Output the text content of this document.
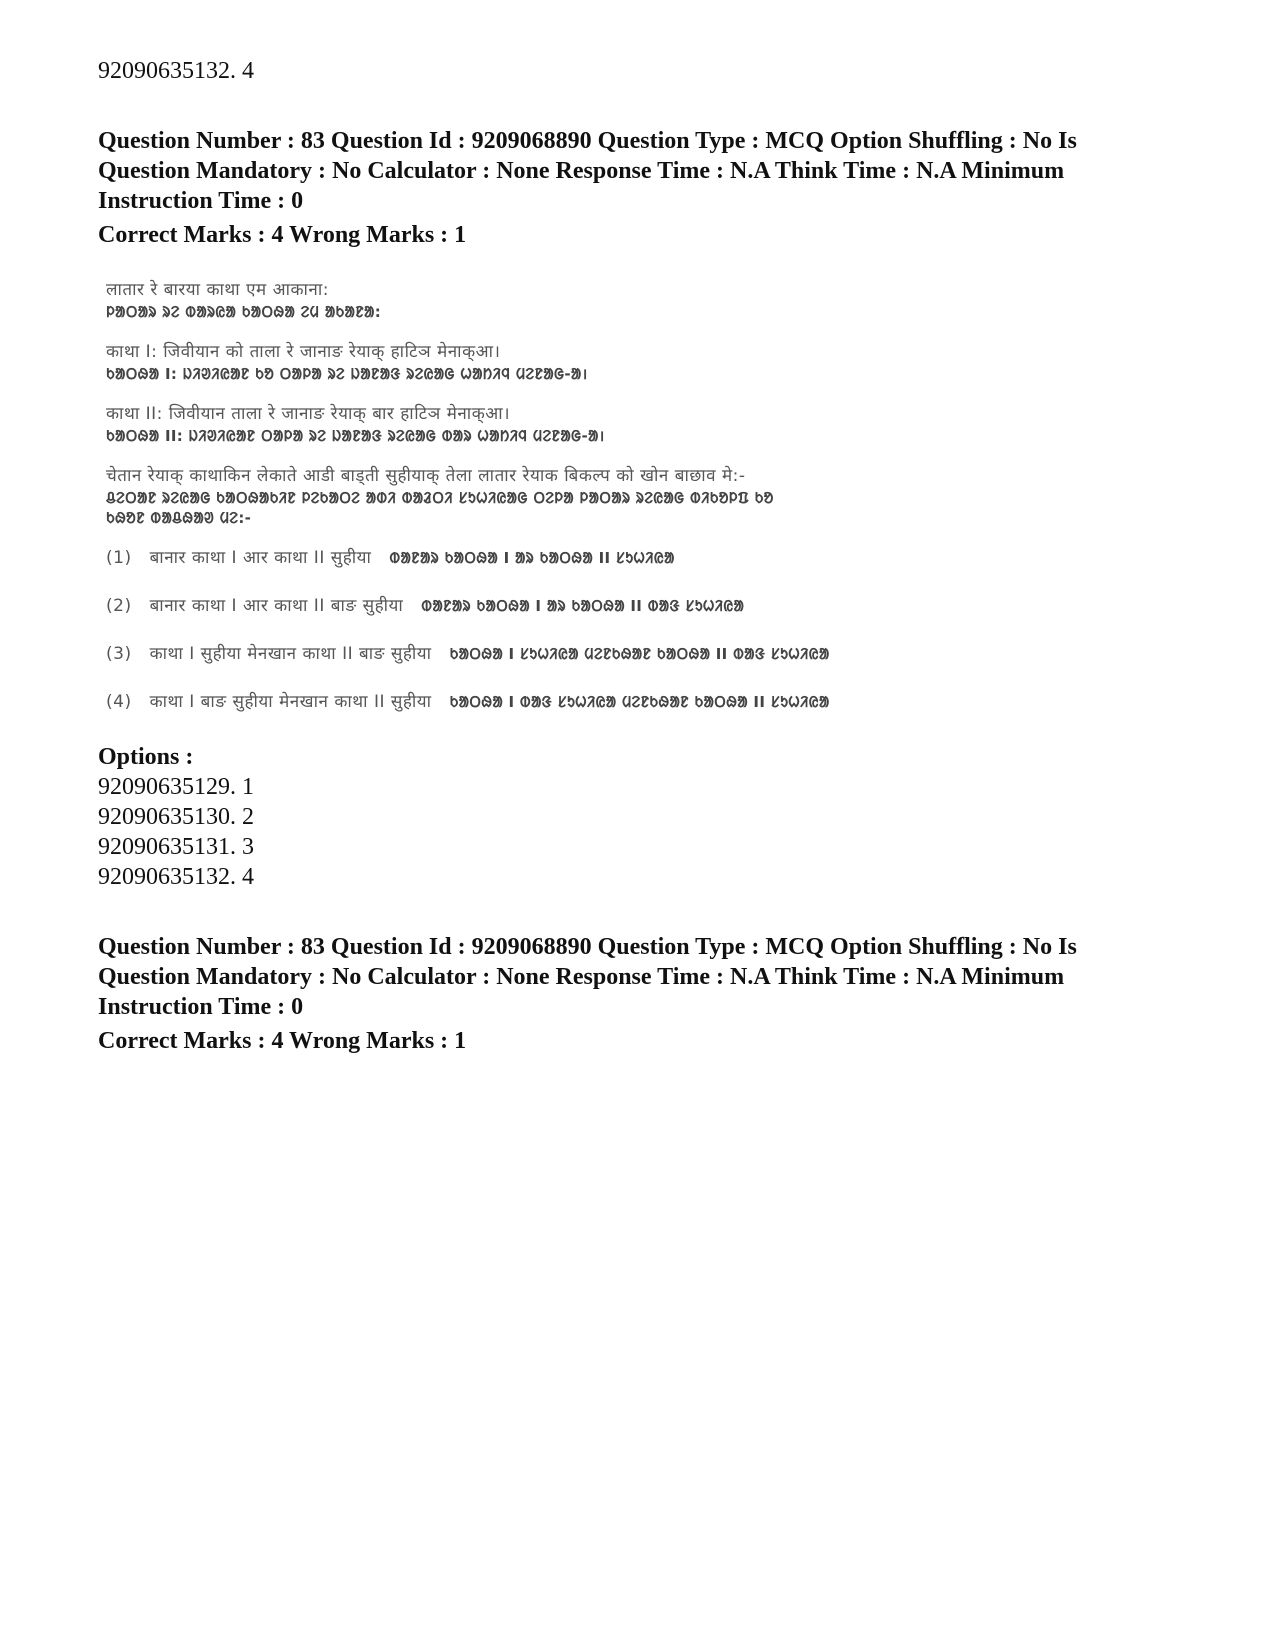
92090635132. 4
Question Number : 83 Question Id : 9209068890 Question Type : MCQ Option Shuffling : No Is
Question Mandatory : No Calculator : None Response Time : N.A Think Time : N.A Minimum
Instruction Time : 0
Correct Marks : 4 Wrong Marks : 1
लातार रे बारया काथा एम आकाना:
ᱞᱟᱛᱟᱨ ᱨᱮ ᱵᱟᱨᱭᱟ ᱠᱟᱛᱷᱟ ᱮᱢ ᱟᱠᱟᱱᱟ:
काथा I: जिवीयान को ताला रे जानाङ रेयाक् हाटिञ मेनाक्आ।
ᱠᱟᱛᱷᱟ I: ᱡᱤᱣᱤᱭᱟᱱ ᱠᱚ ᱛᱟᱞᱟ ᱨᱮ ᱡᱟᱱᱟᱝ ᱨᱮᱭᱟᱜ ᱦᱟᱴᱤᱧ ᱢᱮᱱᱟᱜ-ᱟ।
काथा II: जिवीयान ताला रे जानाङ रेयाक् बार हाटिञ मेनाक्आ।
ᱠᱟᱛᱷᱟ II: ᱡᱤᱣᱤᱭᱟᱱ ᱛᱟᱞᱟ ᱨᱮ ᱡᱟᱱᱟᱝ ᱨᱮᱭᱟᱜ ᱵᱟᱨ ᱦᱟᱴᱤᱧ ᱢᱮᱱᱟᱜ-ᱟ।
चेतान रेयाक् काथाकिन लेकाते आडी बाड्ती सुहीयाक् तेला लातार रेयाक बिकल्प को खोन बाछाव मे:-
ᱪᱮᱛᱟᱱ ᱨᱮᱭᱟᱜ ᱠᱟᱛᱷᱟᱠᱤᱱ ᱞᱮᱠᱟᱛᱮ ᱟᱰᱤ ᱵᱟᱲᱛᱤ ᱥᱩᱦᱤᱭᱟᱜ ᱛᱮᱞᱟ ᱞᱟᱛᱟᱨ ᱨᱮᱭᱟᱜ ᱵᱤᱠᱚᱞᱯ ᱠᱚ
ᱠᱷᱚᱱ ᱵᱟᱪᱷᱟᱣ ᱢᱮ:-
(1) बानार काथा I आर काथा II सुहीया ᱵᱟᱱᱟᱨ ᱠᱟᱛᱷᱟ I ᱟᱨ ᱠᱟᱛᱷᱟ II ᱥᱩᱦᱤᱭᱟ
(2) बानार काथा I आर काथा II बाङ सुहीया ᱵᱟᱱᱟᱨ ᱠᱟᱛᱷᱟ I ᱟᱨ ᱠᱟᱛᱷᱟ II ᱵᱟᱝ ᱥᱩᱦᱤᱭᱟ
(3) काथा I सुहीया मेनखान काथा II बाङ सुहीया ᱠᱟᱛᱷᱟ I ᱥᱩᱦᱤᱭᱟ ᱢᱮᱱᱠᱷᱟᱱ ᱠᱟᱛᱷᱟ II ᱵᱟᱝ ᱥᱩᱦᱤᱭᱟ
(4) काथा I बाङ सुहीया मेनखान काथा II सुहीया ᱠᱟᱛᱷᱟ I ᱵᱟᱝ ᱥᱩᱦᱤᱭᱟ ᱢᱮᱱᱠᱷᱟᱱ ᱠᱟᱛᱷᱟ II ᱥᱩᱦᱤᱭᱟ
Options :
92090635129. 1
92090635130. 2
92090635131. 3
92090635132. 4
Question Number : 83 Question Id : 9209068890 Question Type : MCQ Option Shuffling : No Is
Question Mandatory : No Calculator : None Response Time : N.A Think Time : N.A Minimum
Instruction Time : 0
Correct Marks : 4 Wrong Marks : 1
